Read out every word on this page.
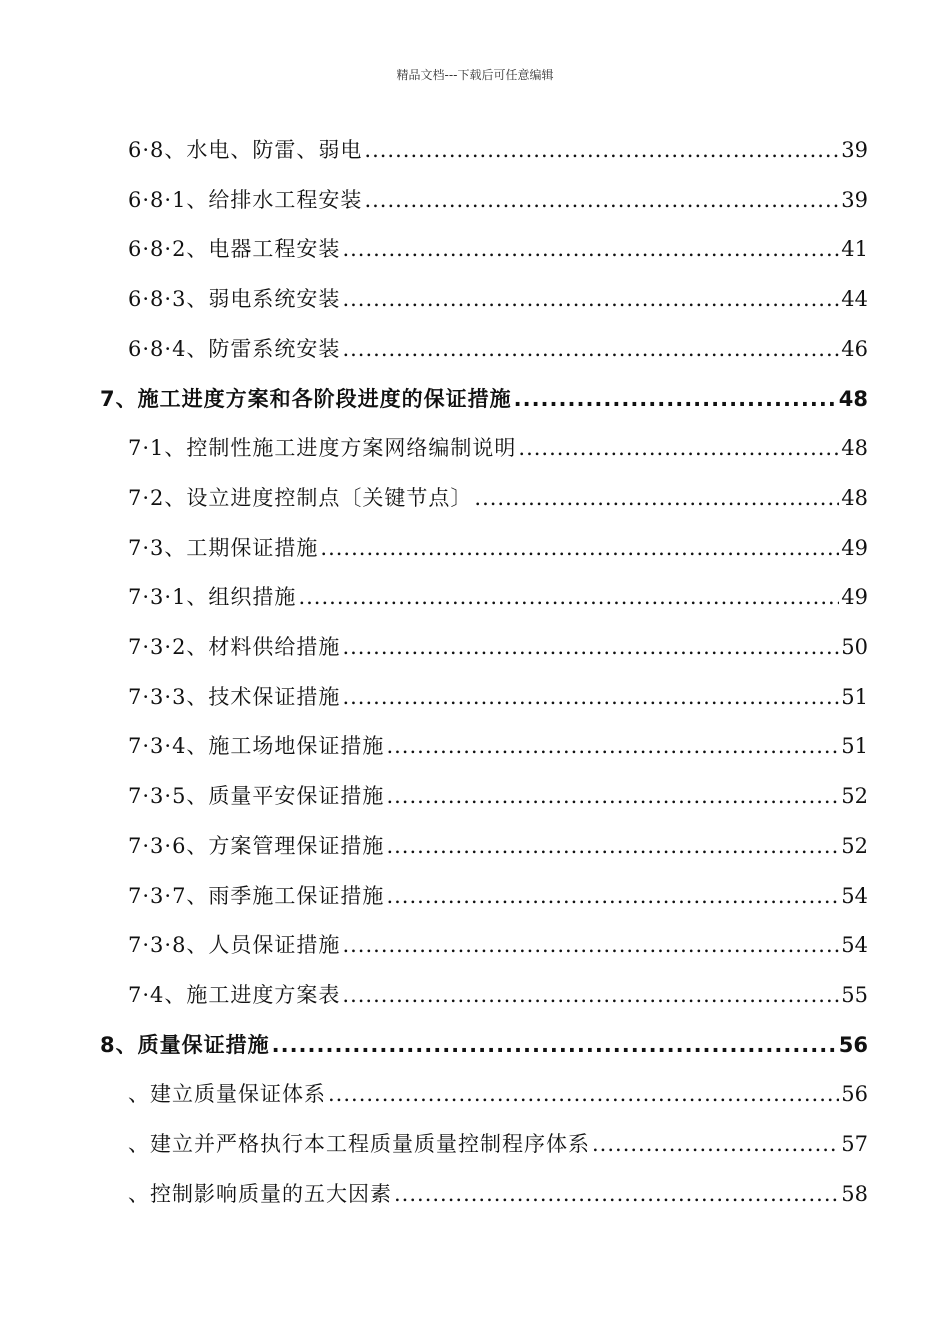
精品文档---下载后可任意编辑
6·8、水电、防雷、弱电 .....	39
6·8·1、给排水工程安装 .....	39
6·8·2、电器工程安装 .....	41
6·8·3、弱电系统安装 .....	44
6·8·4、防雷系统安装 .....	46
7、施工进度方案和各阶段进度的保证措施 .....	48
7·1、控制性施工进度方案网络编制说明 .....	48
7·2、设立进度控制点〔关键节点〕 .....	48
7·3、工期保证措施 .....	49
7·3·1、组织措施 .....	49
7·3·2、材料供给措施 .....	50
7·3·3、技术保证措施 .....	51
7·3·4、施工场地保证措施 .....	51
7·3·5、质量平安保证措施 .....	52
7·3·6、方案管理保证措施 .....	52
7·3·7、雨季施工保证措施 .....	54
7·3·8、人员保证措施 .....	54
7·4、施工进度方案表 .....	55
8、质量保证措施 .....	56
、建立质量保证体系 .....	56
、建立并严格执行本工程质量质量控制程序体系 .....	57
、控制影响质量的五大因素 .....	58
